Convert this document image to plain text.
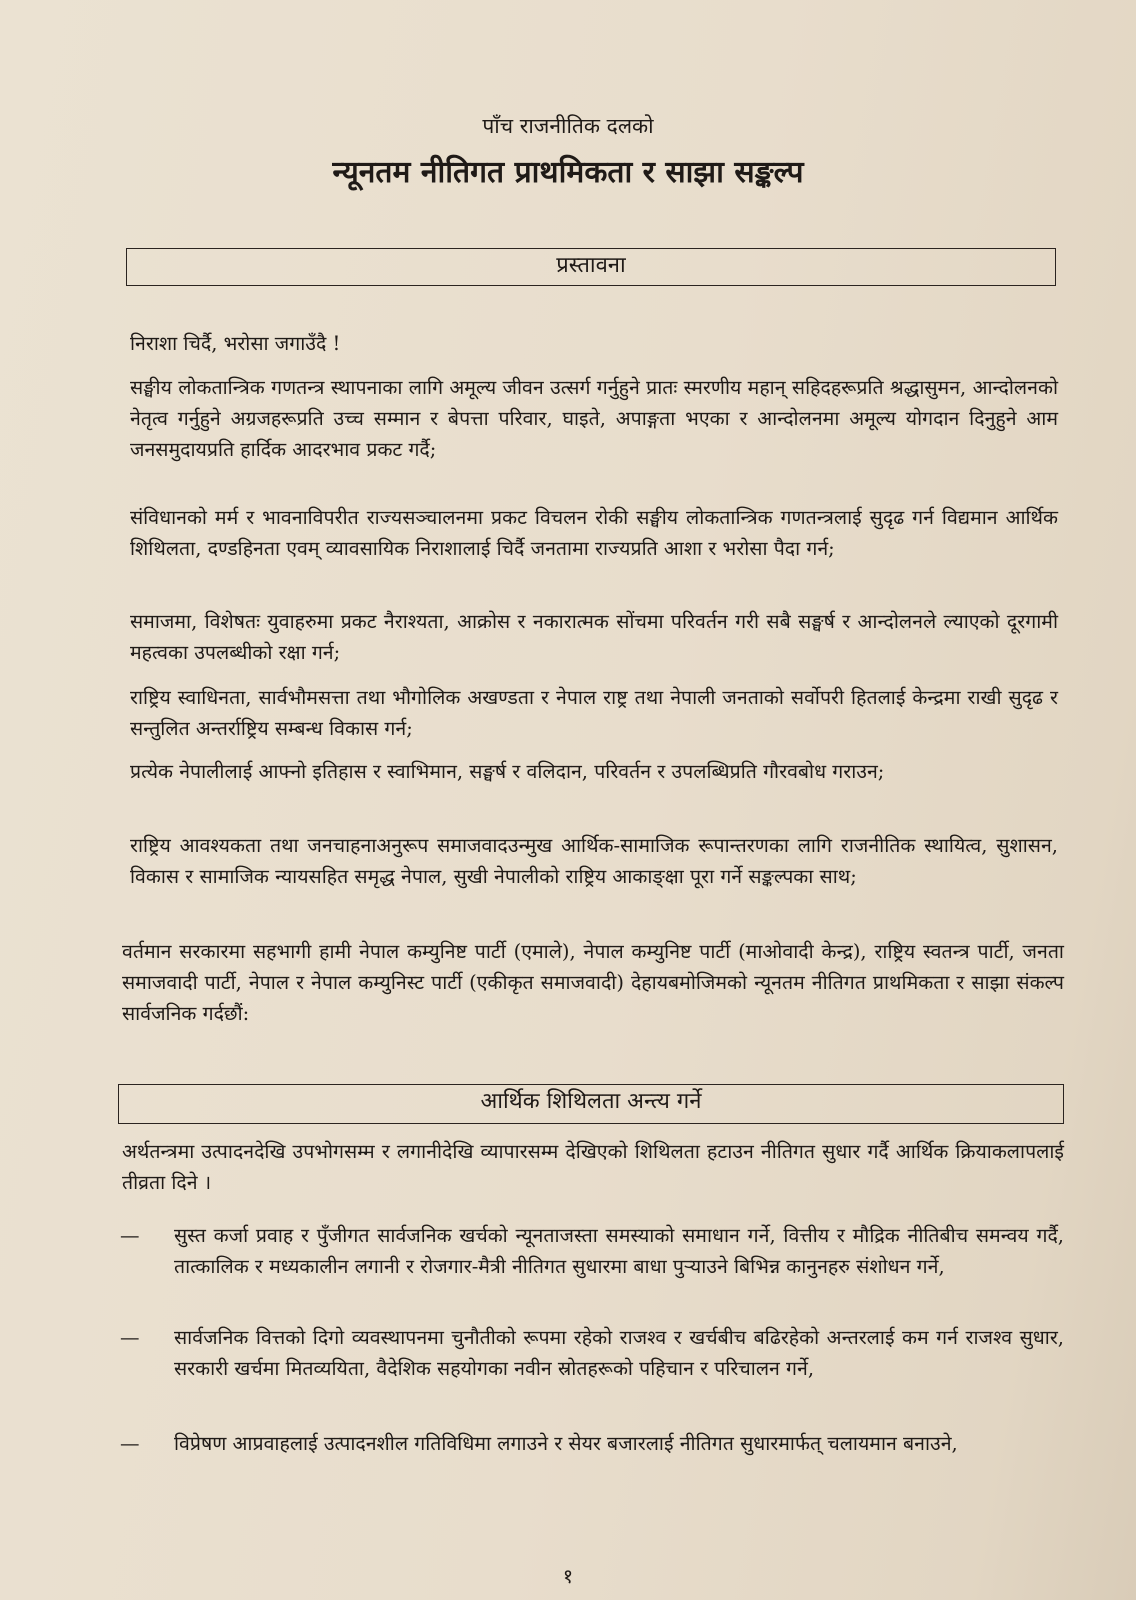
पाँच राजनीतिक दलको
न्यूनतम नीतिगत प्राथमिकता र साझा सङ्कल्प
प्रस्तावना

निराशा चिर्दै, भरोसा जगाउँदै !

सङ्घीय लोकतान्त्रिक गणतन्त्र स्थापनाका लागि अमूल्य जीवन उत्सर्ग गर्नुहुने प्रातः स्मरणीय महान् सहिदहरूप्रति श्रद्धासुमन, आन्दोलनको नेतृत्व गर्नुहुने अग्रजहरूप्रति उच्च सम्मान र बेपत्ता परिवार, घाइते, अपाङ्गता भएका र आन्दोलनमा अमूल्य योगदान दिनुहुने आम जनसमुदायप्रति हार्दिक आदरभाव प्रकट गर्दै;

संविधानको मर्म र भावनाविपरीत राज्यसञ्चालनमा प्रकट विचलन रोकी सङ्घीय लोकतान्त्रिक गणतन्त्रलाई सुदृढ गर्न विद्यमान आर्थिक शिथिलता, दण्डहिनता एवम् व्यावसायिक निराशालाई चिर्दै जनतामा राज्यप्रति आशा र भरोसा पैदा गर्न;

समाजमा, विशेषतः युवाहरुमा प्रकट नैराश्यता, आक्रोस र नकारात्मक सोंचमा परिवर्तन गरी सबै सङ्घर्ष र आन्दोलनले ल्याएको दूरगामी महत्वका उपलब्धीको रक्षा गर्न;

राष्ट्रिय स्वाधिनता, सार्वभौमसत्ता तथा भौगोलिक अखण्डता र नेपाल राष्ट्र तथा नेपाली जनताको सर्वोपरी हितलाई केन्द्रमा राखी सुदृढ र सन्तुलित अन्तर्राष्ट्रिय सम्बन्ध विकास गर्न;

प्रत्येक नेपालीलाई आफ्नो इतिहास र स्वाभिमान, सङ्घर्ष र वलिदान, परिवर्तन र उपलब्धिप्रति गौरवबोध गराउन;

राष्ट्रिय आवश्यकता तथा जनचाहनाअनुरूप समाजवादउन्मुख आर्थिक-सामाजिक रूपान्तरणका लागि राजनीतिक स्थायित्व, सुशासन, विकास र सामाजिक न्यायसहित समृद्ध नेपाल, सुखी नेपालीको राष्ट्रिय आकाङ्क्षा पूरा गर्ने सङ्कल्पका साथ;

वर्तमान सरकारमा सहभागी हामी नेपाल कम्युनिष्ट पार्टी (एमाले), नेपाल कम्युनिष्ट पार्टी (माओवादी केन्द्र), राष्ट्रिय स्वतन्त्र पार्टी, जनता समाजवादी पार्टी, नेपाल र नेपाल कम्युनिस्ट पार्टी (एकीकृत समाजवादी) देहायबमोजिमको न्यूनतम नीतिगत प्राथमिकता र साझा संकल्प सार्वजनिक गर्दछौं:

आर्थिक शिथिलता अन्त्य गर्ने

अर्थतन्त्रमा उत्पादनदेखि उपभोगसम्म र लगानीदेखि व्यापारसम्म देखिएको शिथिलता हटाउन नीतिगत सुधार गर्दै आर्थिक क्रियाकलापलाई तीव्रता दिने ।

—	सुस्त कर्जा प्रवाह र पुँजीगत सार्वजनिक खर्चको न्यूनताजस्ता समस्याको समाधान गर्ने, वित्तीय र मौद्रिक नीतिबीच समन्वय गर्दै, तात्कालिक र मध्यकालीन लगानी र रोजगार-मैत्री नीतिगत सुधारमा बाधा पुऱ्याउने बिभिन्न कानुनहरु संशोधन गर्ने,
—	सार्वजनिक वित्तको दिगो व्यवस्थापनमा चुनौतीको रूपमा रहेको राजश्व र खर्चबीच बढिरहेको अन्तरलाई कम गर्न राजश्व सुधार, सरकारी खर्चमा मितव्ययिता, वैदेशिक सहयोगका नवीन स्रोतहरूको पहिचान र परिचालन गर्ने,
—	विप्रेषण आप्रवाहलाई उत्पादनशील गतिविधिमा लगाउने र सेयर बजारलाई नीतिगत सुधारमार्फत् चलायमान बनाउने,
१
